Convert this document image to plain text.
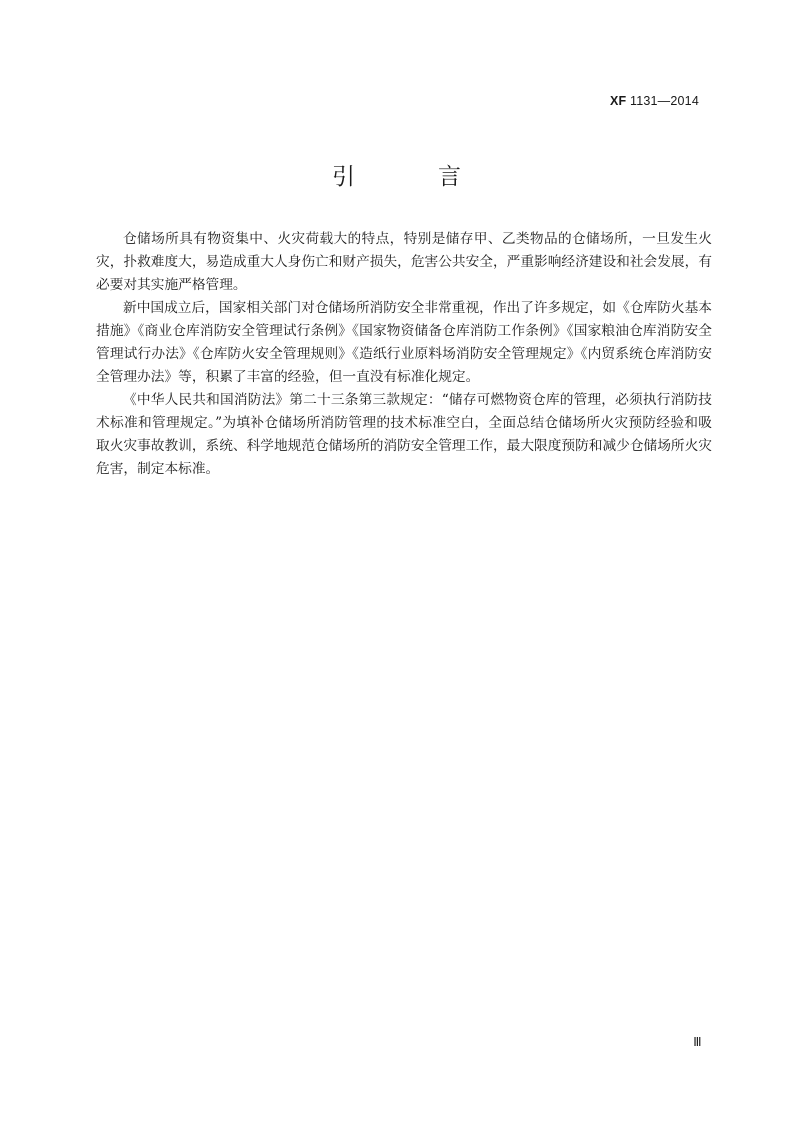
XF 1131—2014
引　言

仓储场所具有物资集中、火灾荷载大的特点，特别是储存甲、乙类物品的仓储场所，一旦发生火灾，扑救难度大，易造成重大人身伤亡和财产损失，危害公共安全，严重影响经济建设和社会发展，有必要对其实施严格管理。

新中国成立后，国家相关部门对仓储场所消防安全非常重视，作出了许多规定，如《仓库防火基本措施》《商业仓库消防安全管理试行条例》《国家物资储备仓库消防工作条例》《国家粮油仓库消防安全管理试行办法》《仓库防火安全管理规则》《造纸行业原料场消防安全管理规定》《内贸系统仓库消防安全管理办法》等，积累了丰富的经验，但一直没有标准化规定。

《中华人民共和国消防法》第二十三条第三款规定：“储存可燃物资仓库的管理，必须执行消防技术标准和管理规定。”为填补仓储场所消防管理的技术标准空白，全面总结仓储场所火灾预防经验和吸取火灾事故教训，系统、科学地规范仓储场所的消防安全管理工作，最大限度预防和减少仓储场所火灾危害，制定本标准。

Ⅲ
